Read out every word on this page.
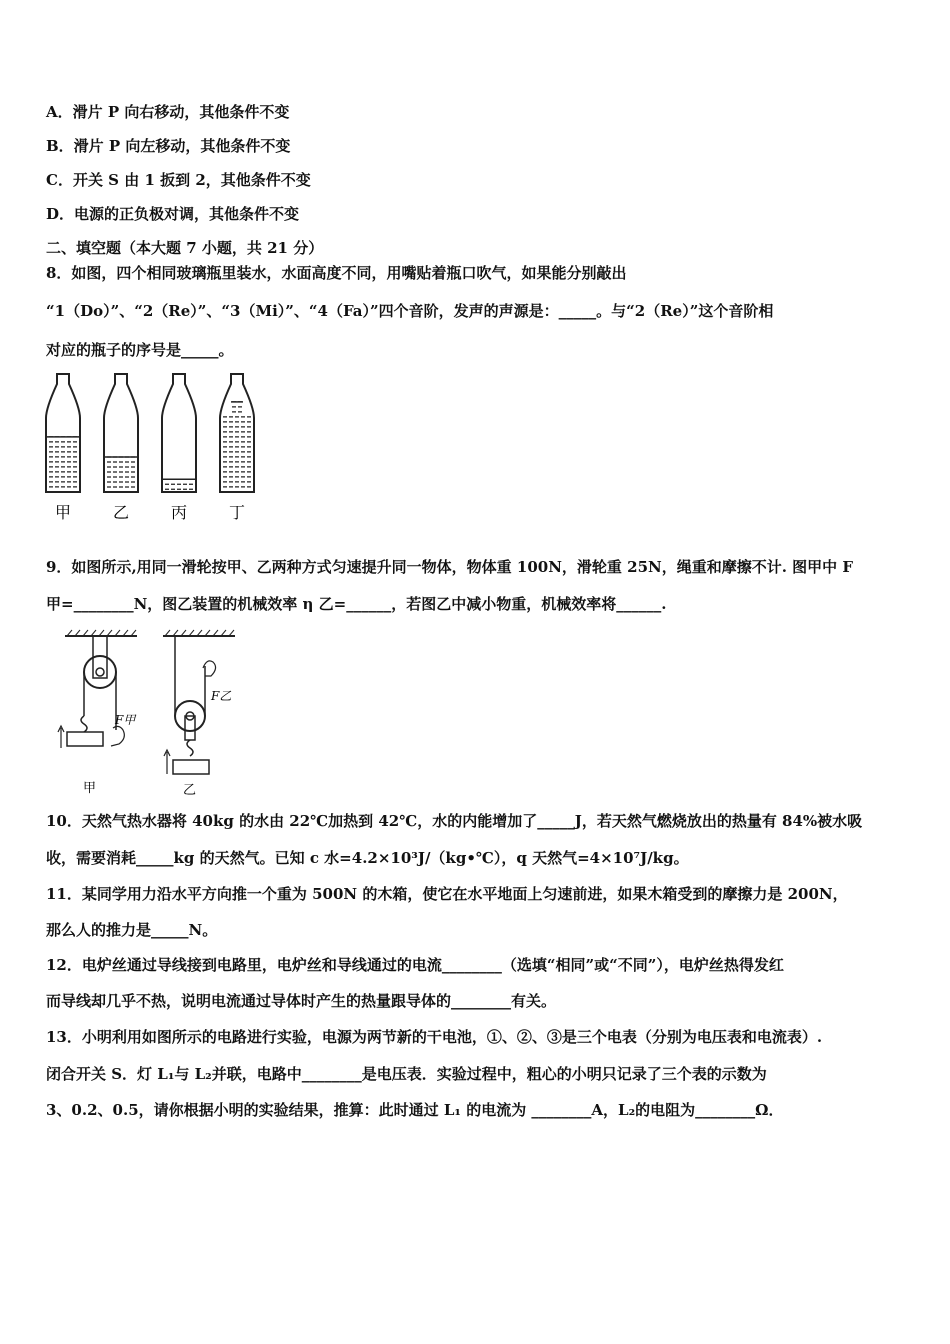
A．滑片 P 向右移动，其他条件不变
B．滑片 P 向左移动，其他条件不变
C．开关 S 由 1 扳到 2，其他条件不变
D．电源的正负极对调，其他条件不变
二、填空题（本大题 7 小题，共 21 分）
8．如图，四个相同玻璃瓶里装水，水面高度不同，用嘴贴着瓶口吹气，如果能分别敲出
“1（Do）”、“2（Re）”、“3（Mi）”、“4（Fa）”四个音阶，发声的声源是：_____。与“2（Re）”这个音阶相
对应的瓶子的序号是_____。
甲	乙	丙	丁
9．如图所示,用同一滑轮按甲、乙两种方式匀速提升同一物体，物体重 100N，滑轮重 25N，绳重和摩擦不计. 图甲中 F
甲=________N，图乙装置的机械效率 η 乙=______，若图乙中减小物重，机械效率将______.
F甲
甲
F乙
乙
10．天然气热水器将 40kg 的水由 22℃加热到 42℃，水的内能增加了_____J，若天然气燃烧放出的热量有 84%被水吸
收，需要消耗_____kg 的天然气。已知 c 水=4.2×10³J/（kg•℃），q 天然气=4×10⁷J/kg。
11．某同学用力沿水平方向推一个重为 500N 的木箱，使它在水平地面上匀速前进，如果木箱受到的摩擦力是 200N，
那么人的推力是_____N。
12．电炉丝通过导线接到电路里，电炉丝和导线通过的电流________（选填“相同”或“不同”），电炉丝热得发红
而导线却几乎不热，说明电流通过导体时产生的热量跟导体的________有关。
13．小明利用如图所示的电路进行实验，电源为两节新的干电池，①、②、③是三个电表（分别为电压表和电流表）.
闭合开关 S．灯 L₁与 L₂并联，电路中________是电压表．实验过程中，粗心的小明只记录了三个表的示数为
3、0.2、0.5，请你根据小明的实验结果，推算：此时通过 L₁ 的电流为 ________A，L₂的电阻为________Ω．
